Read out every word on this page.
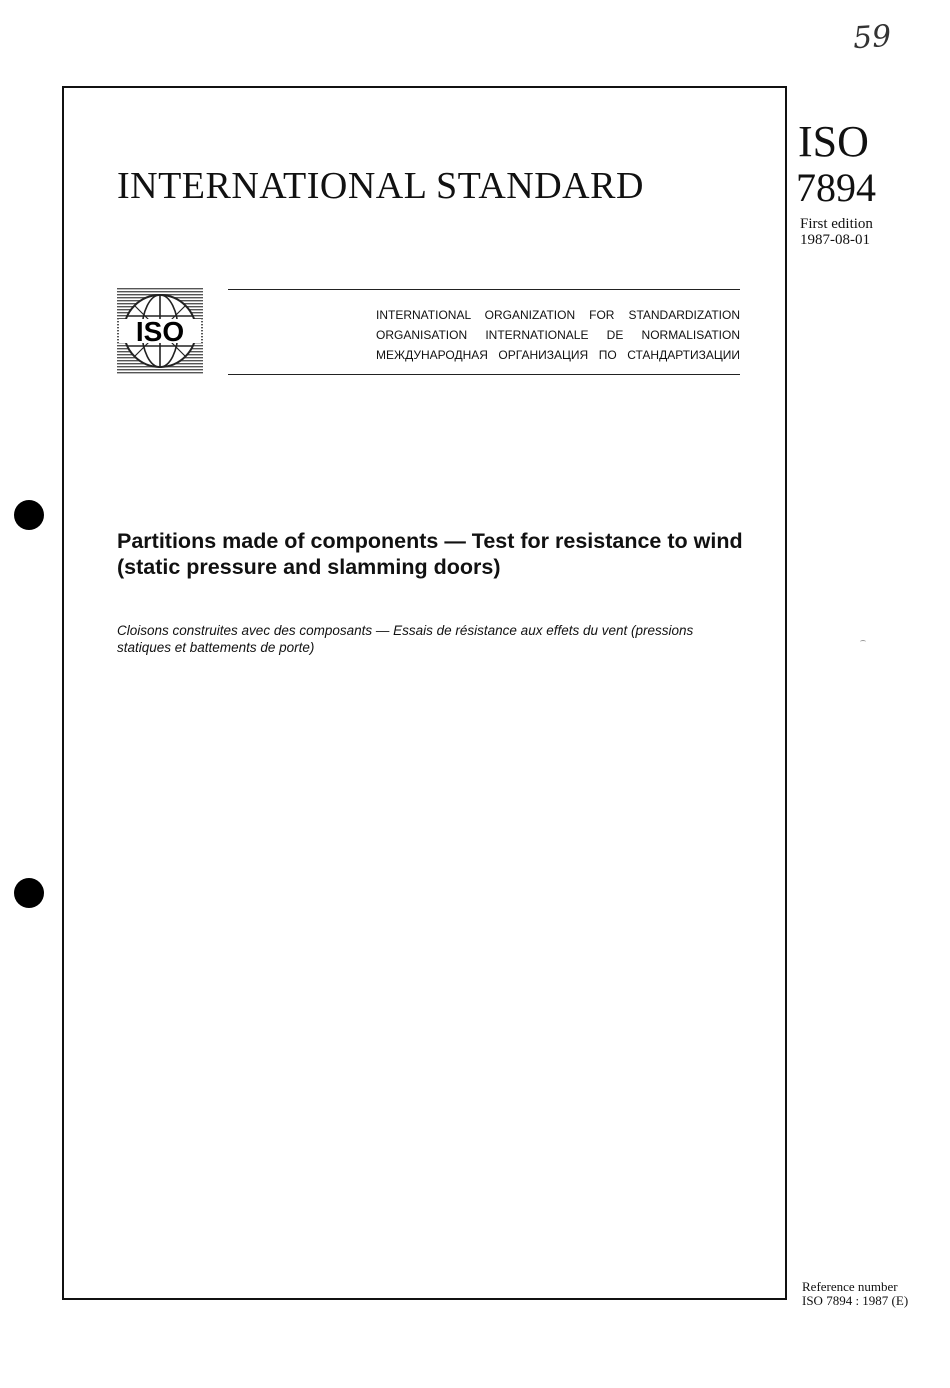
59
INTERNATIONAL STANDARD
ISO
7894
First edition
1987-08-01
ISO
INTERNATIONAL ORGANIZATION FOR STANDARDIZATION
ORGANISATION INTERNATIONALE DE NORMALISATION
МЕЖДУНАРОДНАЯ ОРГАНИЗАЦИЯ ПО СТАНДАРТИЗАЦИИ
Partitions made of components — Test for resistance to wind (static pressure and slamming doors)
Cloisons construites avec des composants — Essais de résistance aux effets du vent (pressions statiques et battements de porte)
Reference number
ISO 7894 : 1987 (E)
